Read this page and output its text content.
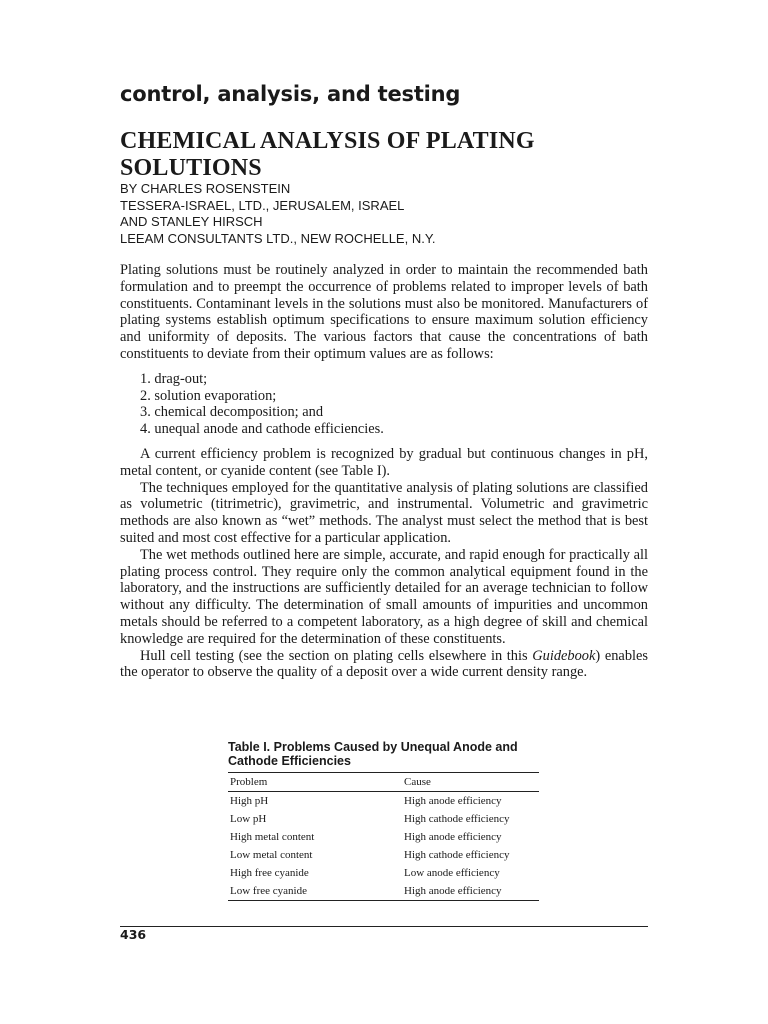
control, analysis, and testing
CHEMICAL ANALYSIS OF PLATING
SOLUTIONS
BY CHARLES ROSENSTEIN
TESSERA-ISRAEL, LTD., JERUSALEM, ISRAEL
AND STANLEY HIRSCH
LEEAM CONSULTANTS LTD., NEW ROCHELLE, N.Y.

Plating solutions must be routinely analyzed in order to maintain the recommended bath formulation and to preempt the occurrence of problems related to improper levels of bath constituents. Contaminant levels in the solutions must also be monitored. Manufacturers of plating systems establish optimum specifications to ensure maximum solution efficiency and uniformity of deposits. The various factors that cause the concentrations of bath constituents to deviate from their optimum values are as follows:

1. drag-out;
2. solution evaporation;
3. chemical decomposition; and
4. unequal anode and cathode efficiencies.

A current efficiency problem is recognized by gradual but continuous changes in pH, metal content, or cyanide content (see Table I).

The techniques employed for the quantitative analysis of plating solutions are classified as volumetric (titrimetric), gravimetric, and instrumental. Volumetric and gravimetric methods are also known as “wet” methods. The analyst must select the method that is best suited and most cost effective for a particular application.

The wet methods outlined here are simple, accurate, and rapid enough for practically all plating process control. They require only the common analytical equipment found in the laboratory, and the instructions are sufficiently detailed for an average technician to follow without any difficulty. The determination of small amounts of impurities and uncommon metals should be referred to a competent laboratory, as a high degree of skill and chemical knowledge are required for the determination of these constituents.

Hull cell testing (see the section on plating cells elsewhere in this Guidebook) enables the operator to observe the quality of a deposit over a wide current density range.

Table I. Problems Caused by Unequal Anode and Cathode Efficiencies

Problem	Cause
High pH	High anode efficiency
Low pH	High cathode efficiency
High metal content	High anode efficiency
Low metal content	High cathode efficiency
High free cyanide	Low anode efficiency
Low free cyanide	High anode efficiency
436
